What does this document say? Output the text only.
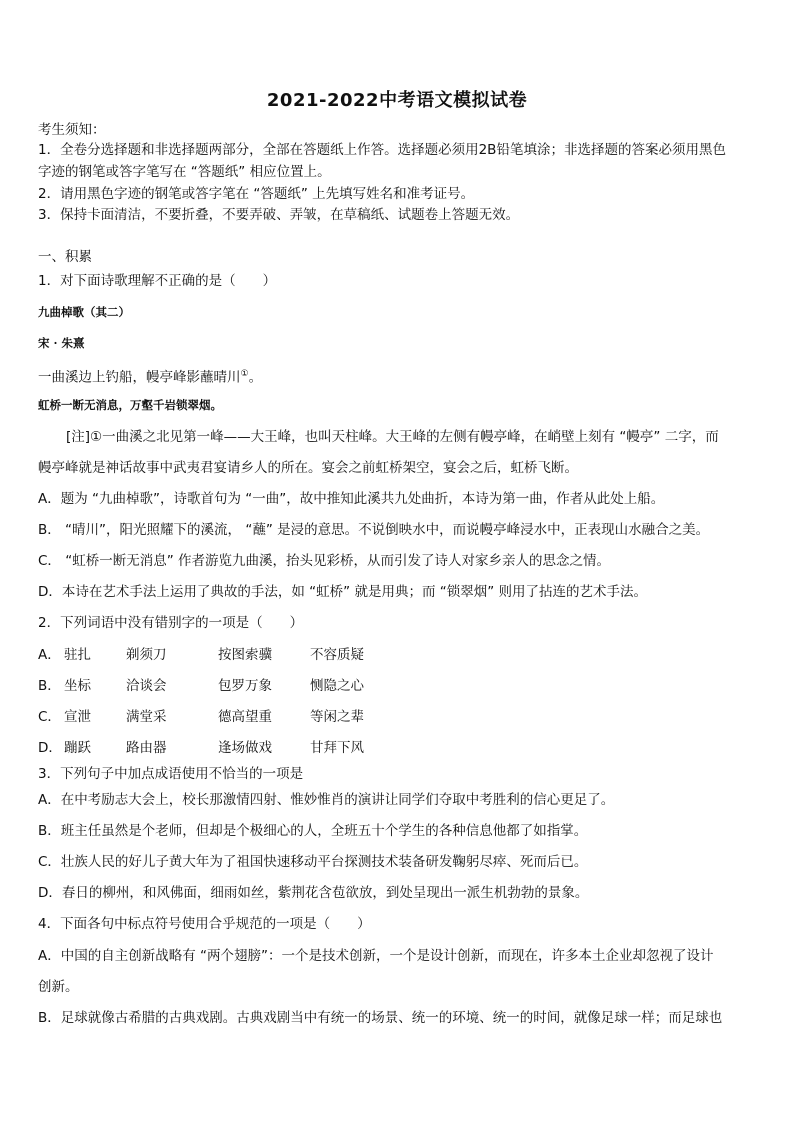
2021-2022中考语文模拟试卷
考生须知：
1．全卷分选择题和非选择题两部分，全部在答题纸上作答。选择题必须用2B铅笔填涂；非选择题的答案必须用黑色
字迹的钢笔或答字笔写在 “答题纸” 相应位置上。
2．请用黑色字迹的钢笔或答字笔在 “答题纸” 上先填写姓名和准考证号。
3．保持卡面清洁，不要折叠，不要弄破、弄皱，在草稿纸、试题卷上答题无效。
一、积累
1．对下面诗歌理解不正确的是（　　）
九曲棹歌（其二）
宋 · 朱熹
一曲溪边上钓船，幔亭峰影蘸晴川①。
虹桥一断无消息，万壑千岩锁翠烟。
[注]①一曲溪之北见第一峰——大王峰，也叫天柱峰。大王峰的左侧有幔亭峰，在峭壁上刻有 “幔亭” 二字，而
幔亭峰就是神话故事中武夷君宴请乡人的所在。宴会之前虹桥架空，宴会之后，虹桥飞断。
A．题为 “九曲棹歌”，诗歌首句为 “一曲”，故中推知此溪共九处曲折，本诗为第一曲，作者从此处上船。
B． “晴川”，阳光照耀下的溪流， “蘸” 是浸的意思。不说倒映水中，而说幔亭峰浸水中，正表现山水融合之美。
C． “虹桥一断无消息” 作者游览九曲溪，抬头见彩桥，从而引发了诗人对家乡亲人的思念之情。
D．本诗在艺术手法上运用了典故的手法，如 “虹桥” 就是用典；而 “锁翠烟” 则用了拈连的艺术手法。
2．下列词语中没有错别字的一项是（　　）
A． 驻扎	剃须刀	按图索骥	不容质疑
B． 坐标	洽谈会	包罗万象	恻隐之心
C． 宣泄	满堂采	德高望重	等闲之辈
D． 蹦跃	路由器	逢场做戏	甘拜下风
3．下列句子中加点成语使用不恰当的一项是
A．在中考励志大会上，校长那激情四射、惟妙惟肖的演讲让同学们夺取中考胜利的信心更足了。
B．班主任虽然是个老师，但却是个极细心的人，全班五十个学生的各种信息他都了如指掌。
C．壮族人民的好儿子黄大年为了祖国快速移动平台探测技术装备研发鞠躬尽瘁、死而后已。
D．春日的柳州，和风佛面，细雨如丝，紫荆花含苞欲放，到处呈现出一派生机勃勃的景象。
4．下面各句中标点符号使用合乎规范的一项是（　　）
A．中国的自主创新战略有 “两个翅膀”：一个是技术创新，一个是设计创新，而现在，许多本土企业却忽视了设计
创新。
B．足球就像古希腊的古典戏剧。古典戏剧当中有统一的场景、统一的环境、统一的时间，就像足球一样；而足球也
